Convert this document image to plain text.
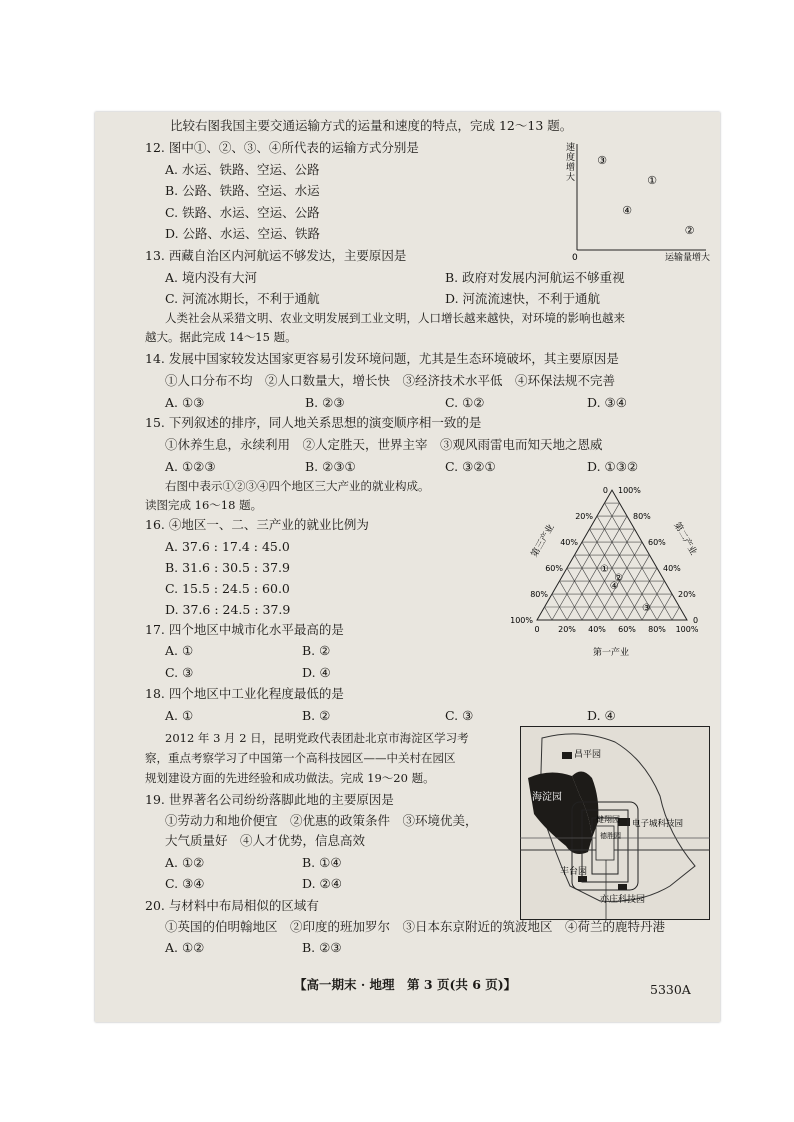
比较右图我国主要交通运输方式的运量和速度的特点，完成 12～13 题。
12. 图中①、②、③、④所代表的运输方式分别是
A. 水运、铁路、空运、公路
B. 公路、铁路、空运、水运
C. 铁路、水运、空运、公路
D. 公路、水运、空运、铁路
速度增大
0	运输量增大
③
①
④
②
13. 西藏自治区内河航运不够发达，主要原因是
A. 境内没有大河	B. 政府对发展内河航运不够重视
C. 河流冰期长，不利于通航	D. 河流流速快，不利于通航
人类社会从采猎文明、农业文明发展到工业文明，人口增长越来越快，对环境的影响也越来
越大。据此完成 14～15 题。
14. 发展中国家较发达国家更容易引发环境问题，尤其是生态环境破坏，其主要原因是
①人口分布不均　②人口数量大，增长快　③经济技术水平低　④环保法规不完善
A. ①③	B. ②③	C. ①②	D. ③④
15. 下列叙述的排序，同人地关系思想的演变顺序相一致的是
①休养生息，永续利用　②人定胜天，世界主宰　③观风雨雷电而知天地之恩威
A. ①②③	B. ②③①	C. ③②①	D. ①③②
右图中表示①②③④四个地区三大产业的就业构成。
读图完成 16～18 题。
16. ④地区一、二、三产业的就业比例为
A. 37.6 : 17.4 : 45.0
B. 31.6 : 30.5 : 37.9
C. 15.5 : 24.5 : 60.0
D. 37.6 : 24.5 : 37.9
0
0
0
20%
20%
20%
40%
40%
40%
60%
60%
60%
80%
80%
80%
100%
100%
100%
①
②
④
③
第一产业
第三产业	第二产业
17. 四个地区中城市化水平最高的是
A. ①	B. ②
C. ③	D. ④
18. 四个地区中工业化程度最低的是
A. ①	B. ②	C. ③	D. ④
2012 年 3 月 2 日，昆明党政代表团赴北京市海淀区学习考
察，重点考察学习了中国第一个高科技园区——中关村在园区
规划建设方面的先进经验和成功做法。完成 19～20 题。
19. 世界著名公司纷纷落脚此地的主要原因是
①劳动力和地价便宜　②优惠的政策条件　③环境优美，
大气质量好　④人才优势，信息高效
A. ①②	B. ①④
C. ③④	D. ②④
昌平园
海淀园
德胜园
电子城科技园
健翔园
丰台园
亦庄科技园
20. 与材料中布局相似的区域有
①英国的伯明翰地区　②印度的班加罗尔　③日本东京附近的筑波地区　④荷兰的鹿特丹港
A. ①②	B. ②③
【高一期末 · 地理　第 3 页(共 6 页)】	5330A
